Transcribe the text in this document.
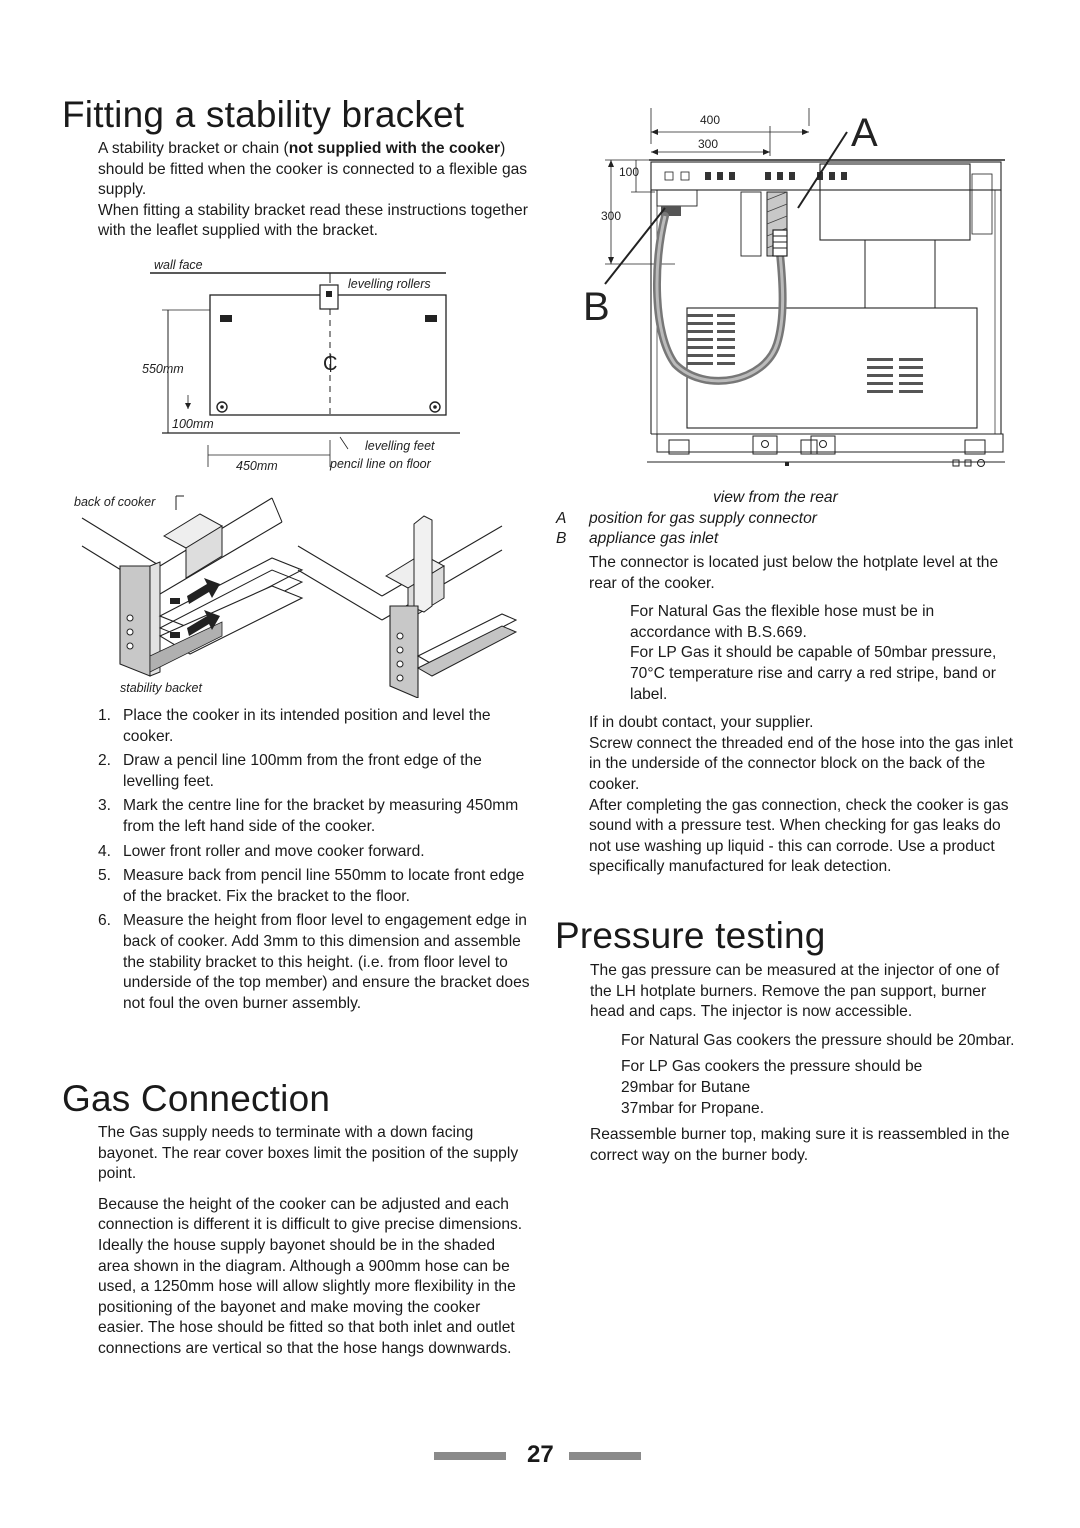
Fitting a stability bracket

A stability bracket or chain (not supplied with the cooker) should be fitted when the cooker is connected to a flexible gas supply.

When fitting a stability bracket read these instructions together with the leaflet supplied with the bracket.

wall face
levelling rollers
₵
550mm
100mm
450mm
levelling feet
pencil line on floor
back of cooker
stability backet
1. Place the cooker in its intended position and level the cooker.
2. Draw a pencil line 100mm from the front edge of the levelling feet.
3. Mark the centre line for the bracket by measuring 450mm from the left hand side of the cooker.
4. Lower front roller and move cooker forward.
5. Measure back from pencil line 550mm to locate front edge of the bracket. Fix the bracket to the floor.
6. Measure the height from floor level to engagement edge in back of cooker. Add 3mm to this dimension and assemble the stability bracket to this height. (i.e. from floor level to underside of the top member) and ensure the bracket does not foul the oven burner assembly.
Gas Connection

The Gas supply needs to terminate with a down facing bayonet. The rear cover boxes limit the position of the supply point.

Because the height of the cooker can be adjusted and each connection is different it is difficult to give precise dimensions. Ideally the house supply bayonet should be in the shaded area shown in the diagram. Although a 900mm hose can be used, a 1250mm hose will allow slightly more flexibility in the positioning of the bayonet and make moving the cooker easier. The hose should be fitted so that both inlet and outlet connections are vertical so that the hose hangs downwards.

400
300
300
100
A
B

view from the rear

A	position for gas supply connector
B	appliance gas inlet

The connector is located just below the hotplate level at the rear of the cooker.

For Natural Gas the flexible hose must be in accordance with B.S.669.

For LP Gas it should be capable of 50mbar pressure, 70°C temperature rise and carry a red stripe, band or label.

If in doubt contact, your supplier.

Screw connect the threaded end of the hose into the gas inlet in the underside of the connector block on the back of the cooker.

After completing the gas connection, check the cooker is gas sound with a pressure test. When checking for gas leaks do not use washing up liquid - this can corrode. Use a product specifically manufactured for leak detection.

Pressure testing

The gas pressure can be measured at the injector of one of the LH hotplate burners. Remove the pan support, burner head and caps. The injector is now accessible.

For Natural Gas cookers the pressure should be 20mbar.

For LP Gas cookers the pressure should be

29mbar for Butane

37mbar for Propane.

Reassemble burner top, making sure it is reassembled in the correct way on the burner body.

27
